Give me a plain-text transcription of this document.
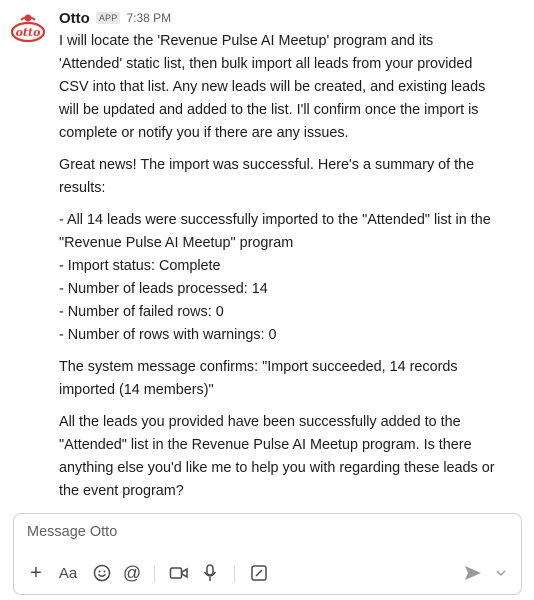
otto
Otto	APP 7:38 PM

I will locate the 'Revenue Pulse AI Meetup' program and its
'Attended' static list, then bulk import all leads from your provided
CSV into that list. Any new leads will be created, and existing leads
will be updated and added to the list. I'll confirm once the import is
complete or notify you if there are any issues.

Great news! The import was successful. Here's a summary of the
results:

- All 14 leads were successfully imported to the "Attended" list in the
"Revenue Pulse AI Meetup" program
- Import status: Complete
- Number of leads processed: 14
- Number of failed rows: 0
- Number of rows with warnings: 0

The system message confirms: "Import succeeded, 14 records
imported (14 members)"

All the leads you provided have been successfully added to the
"Attended" list in the Revenue Pulse AI Meetup program. Is there
anything else you'd like me to help you with regarding these leads or
the event program?

Message Otto
+	Aa	@
